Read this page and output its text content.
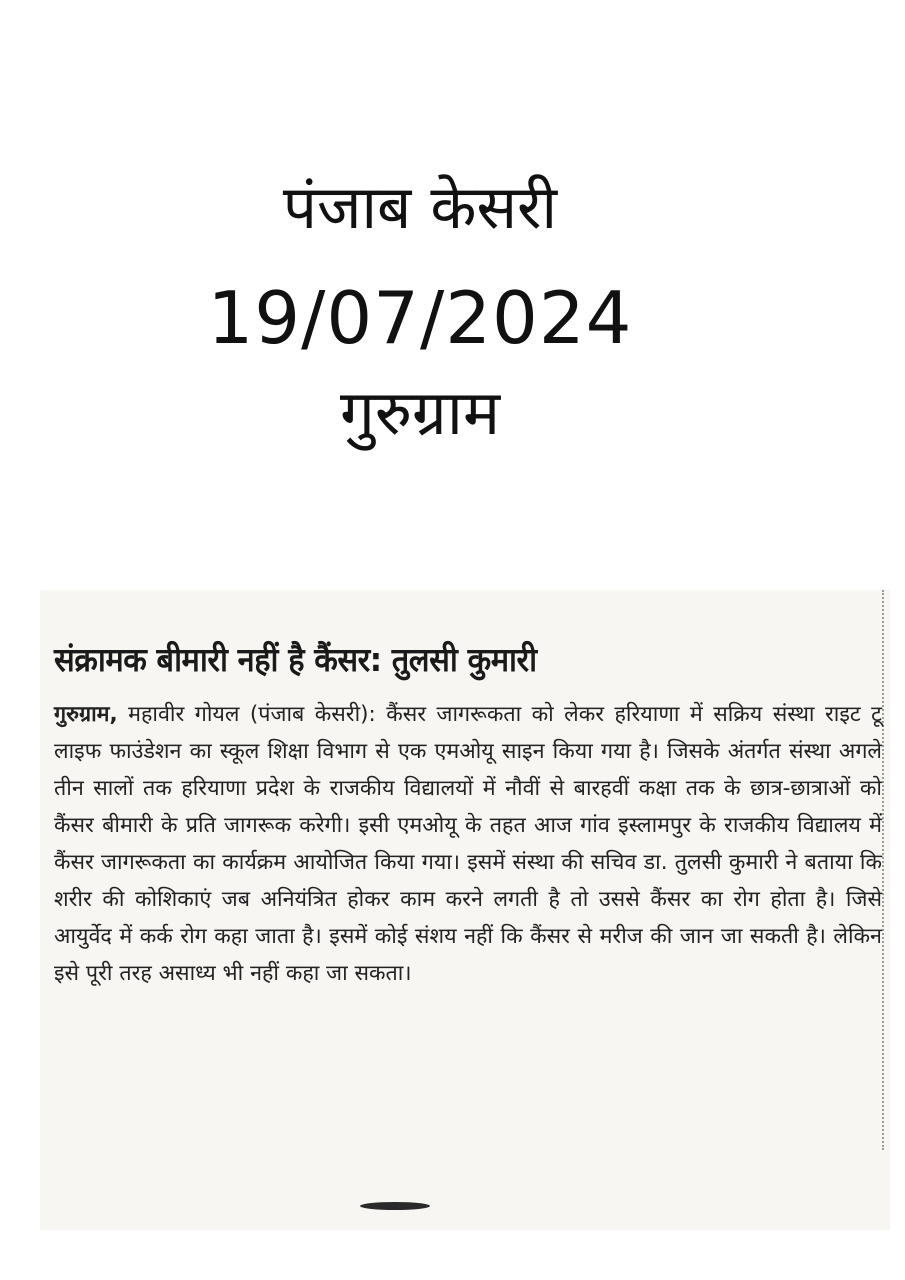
पंजाब केसरी
19/07/2024
गुरुग्राम
संक्रामक बीमारी नहीं है कैंसर: तुलसी कुमारी
गुरुग्राम, महावीर गोयल (पंजाब केसरी): कैंसर जागरूकता को लेकर हरियाणा में सक्रिय संस्था राइट टू लाइफ फाउंडेशन का स्कूल शिक्षा विभाग से एक एमओयू साइन किया गया है। जिसके अंतर्गत संस्था अगले तीन सालों तक हरियाणा प्रदेश के राजकीय विद्यालयों में नौवीं से बारहवीं कक्षा तक के छात्र-छात्राओं को कैंसर बीमारी के प्रति जागरूक करेगी। इसी एमओयू के तहत आज गांव इस्लामपुर के राजकीय विद्यालय में कैंसर जागरूकता का कार्यक्रम आयोजित किया गया। इसमें संस्था की सचिव डा. तुलसी कुमारी ने बताया कि शरीर की कोशिकाएं जब अनियंत्रित होकर काम करने लगती है तो उससे कैंसर का रोग होता है। जिसे आयुर्वेद में कर्क रोग कहा जाता है। इसमें कोई संशय नहीं कि कैंसर से मरीज की जान जा सकती है। लेकिन इसे पूरी तरह असाध्य भी नहीं कहा जा सकता।
